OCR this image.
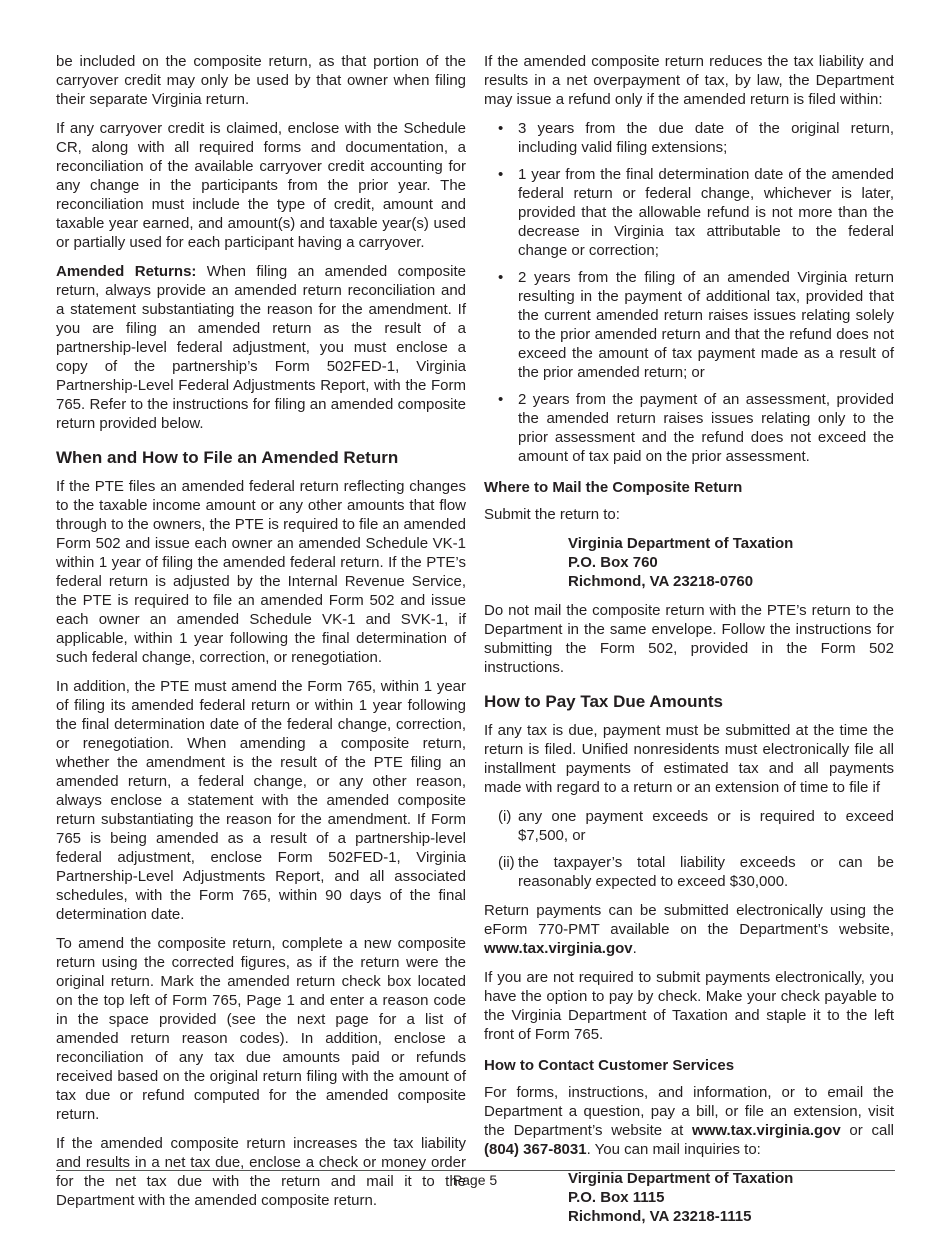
be included on the composite return, as that portion of the carryover credit may only be used by that owner when filing their separate Virginia return.

If any carryover credit is claimed, enclose with the Schedule CR, along with all required forms and documentation, a reconciliation of the available carryover credit accounting for any change in the participants from the prior year. The reconciliation must include the type of credit, amount and taxable year earned, and amount(s) and taxable year(s) used or partially used for each participant having a carryover.

Amended Returns: When filing an amended composite return, always provide an amended return reconciliation and a statement substantiating the reason for the amendment. If you are filing an amended return as the result of a partnership-level federal adjustment, you must enclose a copy of the partnership’s Form 502FED-1, Virginia Partnership-Level Federal Adjustments Report, with the Form 765. Refer to the instructions for filing an amended composite return provided below.

When and How to File an Amended Return

If the PTE files an amended federal return reflecting changes to the taxable income amount or any other amounts that flow through to the owners, the PTE is required to file an amended Form 502 and issue each owner an amended Schedule VK-1 within 1 year of filing the amended federal return. If the PTE’s federal return is adjusted by the Internal Revenue Service, the PTE is required to file an amended Form 502 and issue each owner an amended Schedule VK-1 and SVK-1, if applicable, within 1 year following the final determination of such federal change, correction, or renegotiation.

In addition, the PTE must amend the Form 765, within 1 year of filing its amended federal return or within 1 year following the final determination date of the federal change, correction, or renegotiation. When amending a composite return, whether the amendment is the result of the PTE filing an amended return, a federal change, or any other reason, always enclose a statement with the amended composite return substantiating the reason for the amendment. If Form 765 is being amended as a result of a partnership-level federal adjustment, enclose Form 502FED-1, Virginia Partnership-Level Adjustments Report, and all associated schedules, with the Form 765, within 90 days of the final determination date.

To amend the composite return, complete a new composite return using the corrected figures, as if the return were the original return. Mark the amended return check box located on the top left of Form 765, Page 1 and enter a reason code in the space provided (see the next page for a list of amended return reason codes). In addition, enclose a reconciliation of any tax due amounts paid or refunds received based on the original return filing with the amount of tax due or refund computed for the amended composite return.

If the amended composite return increases the tax liability and results in a net tax due, enclose a check or money order for the net tax due with the return and mail it to the Department with the amended composite return.

If the amended composite return reduces the tax liability and results in a net overpayment of tax, by law, the Department may issue a refund only if the amended return is filed within:

• 3 years from the due date of the original return, including valid filing extensions;
• 1 year from the final determination date of the amended federal return or federal change, whichever is later, provided that the allowable refund is not more than the decrease in Virginia tax attributable to the federal change or correction;
• 2 years from the filing of an amended Virginia return resulting in the payment of additional tax, provided that the current amended return raises issues relating solely to the prior amended return and that the refund does not exceed the amount of tax payment made as a result of the prior amended return; or
• 2 years from the payment of an assessment, provided the amended return raises issues relating only to the prior assessment and the refund does not exceed the amount of tax paid on the prior assessment.
Where to Mail the Composite Return

Submit the return to:

Virginia Department of Taxation
P.O. Box 760
Richmond, VA 23218-0760

Do not mail the composite return with the PTE’s return to the Department in the same envelope. Follow the instructions for submitting the Form 502, provided in the Form 502 instructions.

How to Pay Tax Due Amounts

If any tax is due, payment must be submitted at the time the return is filed. Unified nonresidents must electronically file all installment payments of estimated tax and all payments made with regard to a return or an extension of time to file if

(i) any one payment exceeds or is required to exceed $7,500, or
(ii) the taxpayer’s total liability exceeds or can be reasonably expected to exceed $30,000.

Return payments can be submitted electronically using the eForm 770-PMT available on the Department’s website, www.tax.virginia.gov.

If you are not required to submit payments electronically, you have the option to pay by check. Make your check payable to the Virginia Department of Taxation and staple it to the left front of Form 765.

How to Contact Customer Services

For forms, instructions, and information, or to email the Department a question, pay a bill, or file an extension, visit the Department’s website at www.tax.virginia.gov or call (804) 367-8031. You can mail inquiries to:

Virginia Department of Taxation
P.O. Box 1115
Richmond, VA 23218-1115
Page 5
